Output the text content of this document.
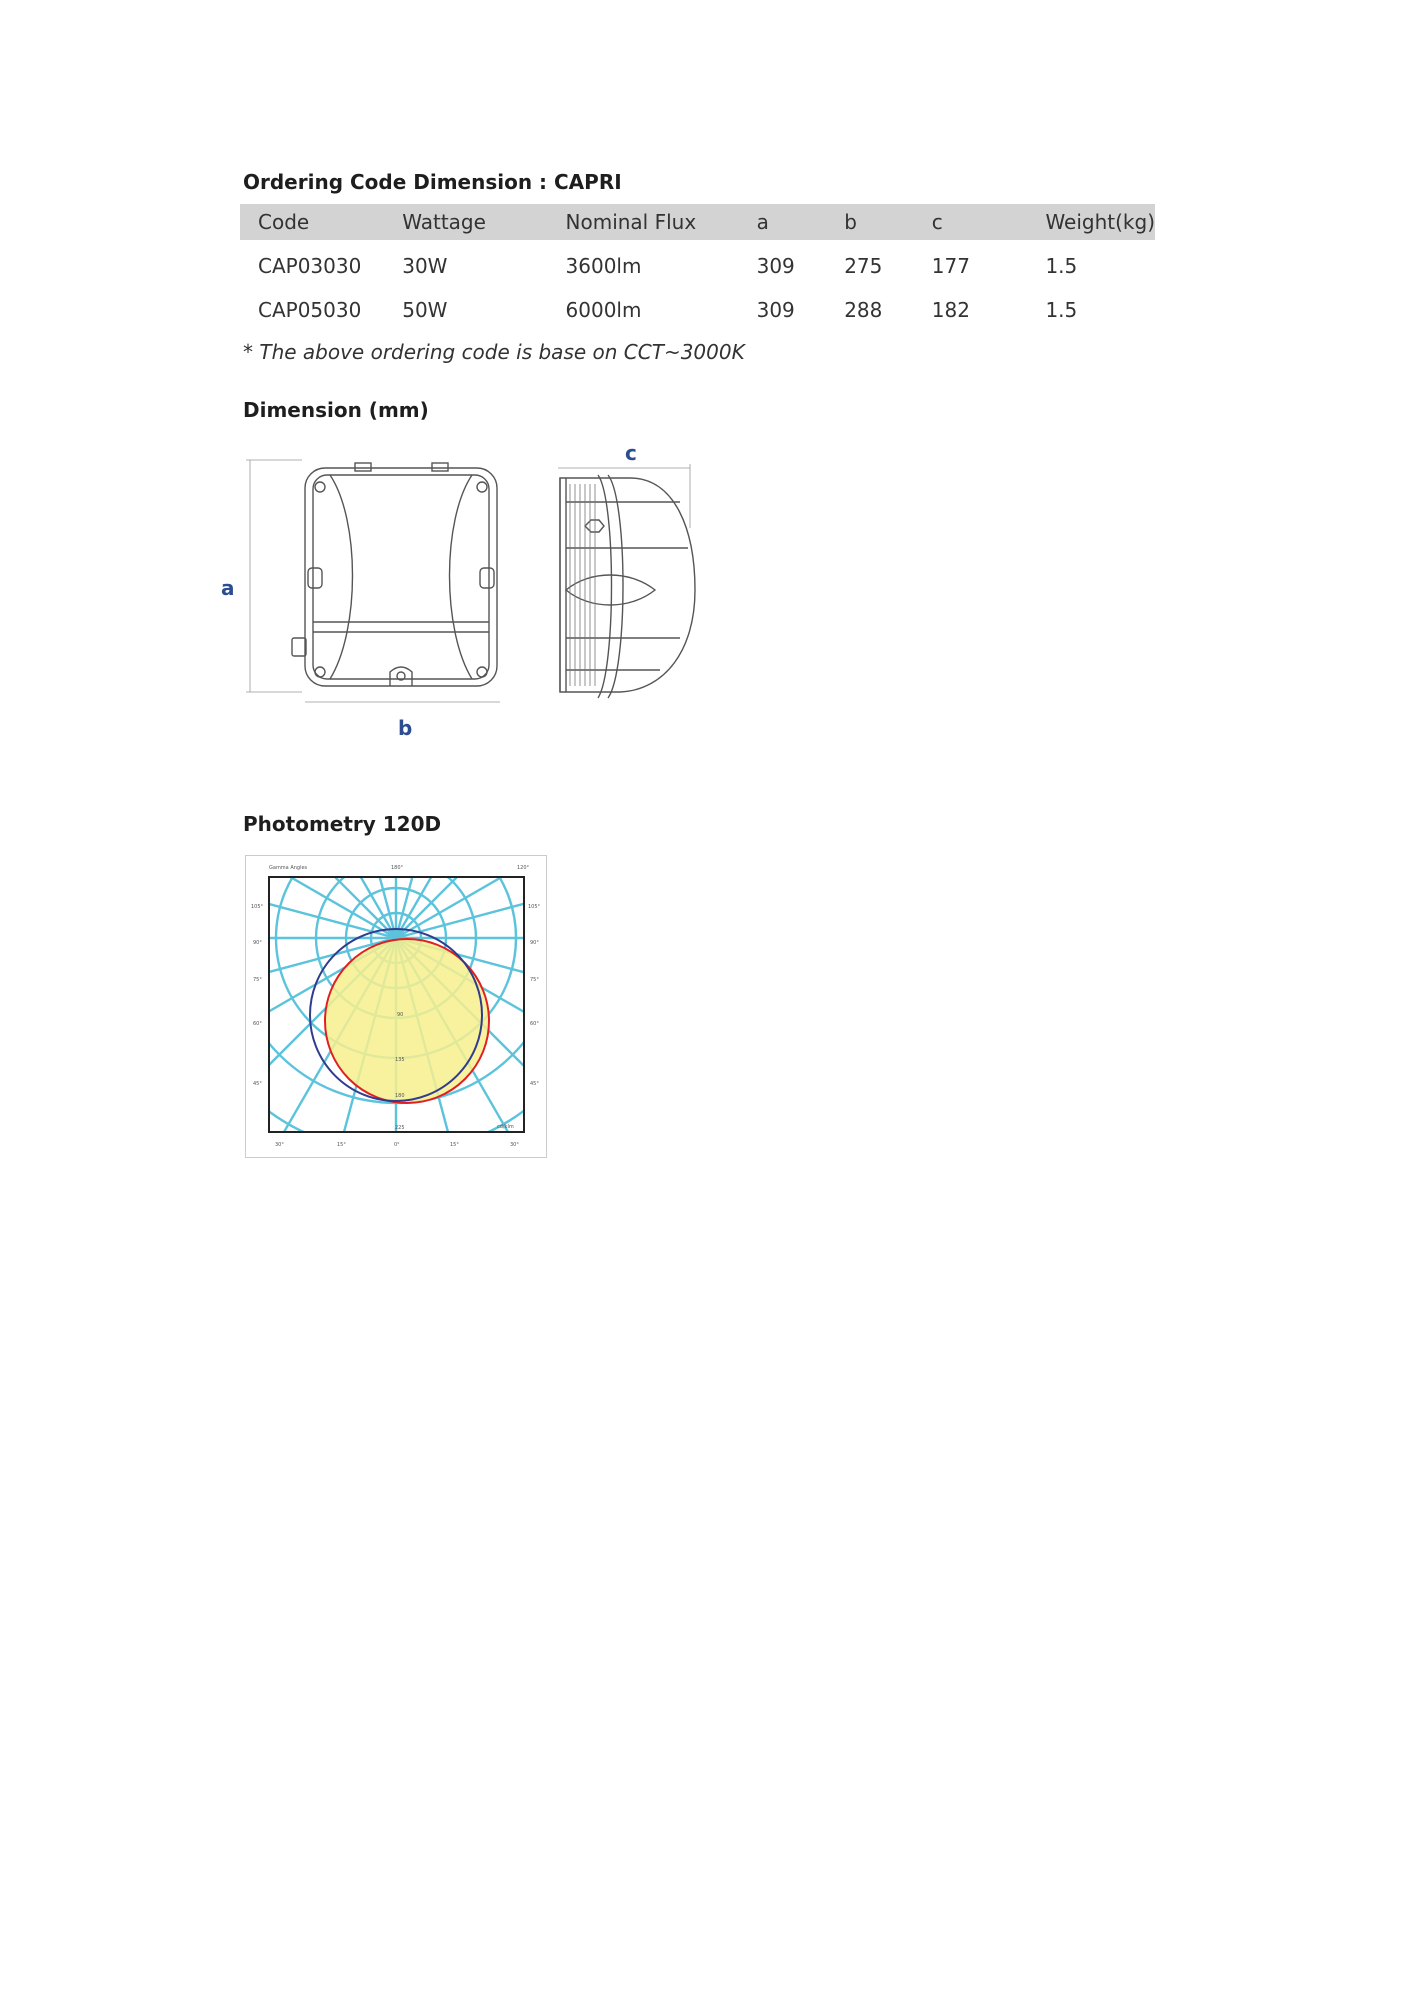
Ordering Code Dimension : CAPRI
Code	Wattage	Nominal Flux	a	b	c	Weight(kg)
CAP03030	30W	3600lm	309	275	177	1.5
CAP05030	50W	6000lm	309	288	182	1.5

* The above ordering code is base on CCT~3000K

Dimension (mm)
a
b
c
Photometry 120D
Gamma Angles	180°	120°
105°
90°
75°
60°
45°
105°
90°
75°
60°
45°
30°	15°	0°	15°	30°
90
135
180
225	cd/klm
